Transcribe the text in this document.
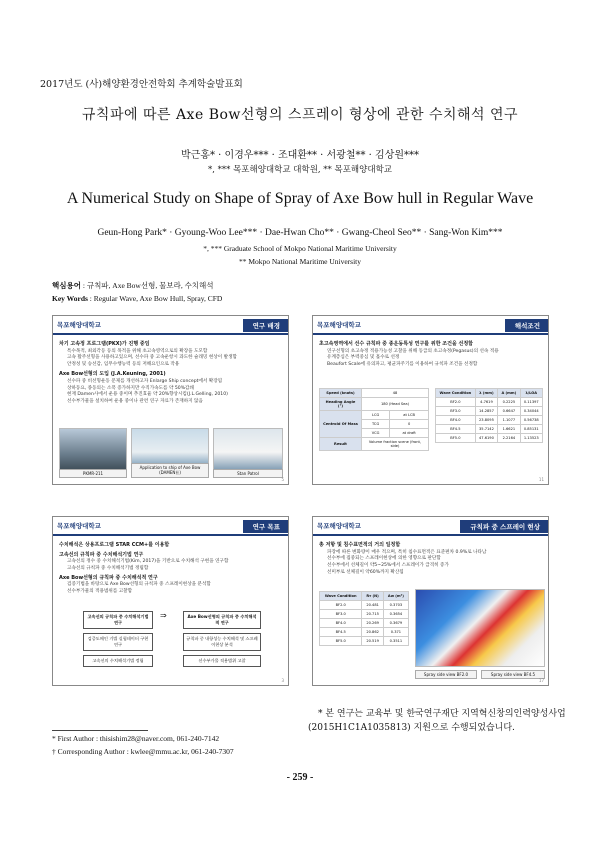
2017년도 (사)해양환경안전학회 추계학술발표회
규칙파에 따른 Axe Bow선형의 스프레이 형상에 관한 수치해석 연구
박근홍* · 이경우*** · 조대환** · 서광철** · 김상원***
*, *** 목포해양대학교 대학원, ** 목포해양대학교
A Numerical Study on Shape of Spray of Axe Bow hull in Regular Wave
Geun-Hong Park* · Gyoung-Woo Lee*** · Dae-Hwan Cho** · Gwang-Cheol Seo** · Sang-Won Kim***
*, *** Graduate School of Mokpo National Maritime University
** Mokpo National Maritime University
핵심용어 : 규칙파, Axe Bow선형, 물보라, 수치해석
Key Words : Regular Wave, Axe Bow Hull, Spray, CFD
목포해양대학교	연구 배경
차기 고속정 프로그램(PKX)가 진행 중임
특수목적, 최외각등 등의 목적을 위해 초고속영역으로의 확장을 도모함
고속 활주선형을 사용하고있으며, 선수파 중 고속운항시 과도한 슬래밍 현상이 발생함
안정성 및 승선감, 임무수행능력 등의 저해요인으로 작용
Axe Bow선형의 도입 (J.A.Keuning, 2001)
선수파 중 비선형운동 문제를 개선하고자 Enlarge Ship concept에서 확장됨
상하동요, 종동의는 소폭 증가하지만 수직가속도를 약 50%감쇄
현재 Damen사에서 운용 중이며 추진효율 약 20%향상시킴(J.L.Gelling, 2010)
선수부가물을 설치하여 운용 중이나 관련 연구 자료가 존재하지 않음
PKMR-211
Application to ship of Axe Bow (DAMEN社)	Stan Patrol
5
목포해양대학교	해석조건
초고속영역에서 선수 규칙파 중 종운동특성 연구를 위한 조건을 선정함
연구선형의 초고속정 적용가능성 고찰을 위해 동급의 초고속정(Pegasus)의 선속 적용
유계층심은 부력중심 및 흘수로 선정
Beaufort Scale에 유의파고, 평균파주기를 이용하여 규칙파 조건을 선정함
Speed (knots)	48	
Heading Angle (°)	180 (Head Sea)	
Centroid Of Mass	LCG	at LCB
	TCG	0
	VCG	at draft
Result	Volume fraction scene (front, side)	
Wave Condition	λ (mm)	A (mm)	λ/LOA
BF2.0	4.7619	0.2225	0.11397
BF3.0	14.2857	0.6647	0.34044
BF4.0	23.8095	1.1077	0.56738
BF4.5	35.7142	1.6621	0.85131
BF5.0	47.6190	2.2164	1.13523
11
목포해양대학교	연구 목표
수치해석은 상용프로그램 STAR CCM+를 이용함
고속선의 규칙파 중 수치해석기법 연구
고속선의 정수 중 수치해석기법(Kim, 2017)을 기반으로 수치해석 구현을 연구함
고속선의 규칙파 중 수치해석기법 정립함
Axe Bow선형의 규칙파 중 수치해석적 연구
검증기법을 바탕으로 Axe Bow선형의 규칙파 중 스프레이현상을 분석함
선수부가물의 적용범위를 고찰함
고속선의 규칙파 중 수치해석기법 연구
Axe Bow선형의 규칙파 중 수치해석적 연구
⇒
검증도메인 기법 실험데이터 구현 연구
고속선의 수치해석기법 정립
규칙파 중 내항성능 수치해석 및 스프레이현상 분석
선수부가물 적용범위 고찰
3
목포해양대학교	규칙파 중 스프레이 현상
총 저항 및 침수표면적의 거의 일정함
파장에 따른 변화량이 매우 적으며, 특히 침수표면적은 표준편차 0.9%로 나타남
선수부에 집중되는 스프레이현상에 의한 영향으로 판단함
선수부에서 선체길이 약5~25%에서 스프레이가 급격히 증가
선미부로 선체길이 약60%까지 확산됨
Wave Condition	Rт (N)	Aw (m²)
BF2.0	20.481	0.3703
BF3.0	20.715	0.3654
BF4.0	20.269	0.3679
BF4.5	20.862	0.371
BF5.0	20.519	0.3511
Spray side view BF2.0	Spray side view BF4.5
17
* First Author : thisishim28@naver.com, 061-240-7142
† Corresponding Author : kwlee@mmu.ac.kr, 061-240-7307
* 본 연구는 교육부 및 한국연구재단 지역혁신창의인력양성사업(2015H1C1A1035813) 지원으로 수행되었습니다.
- 259 -
